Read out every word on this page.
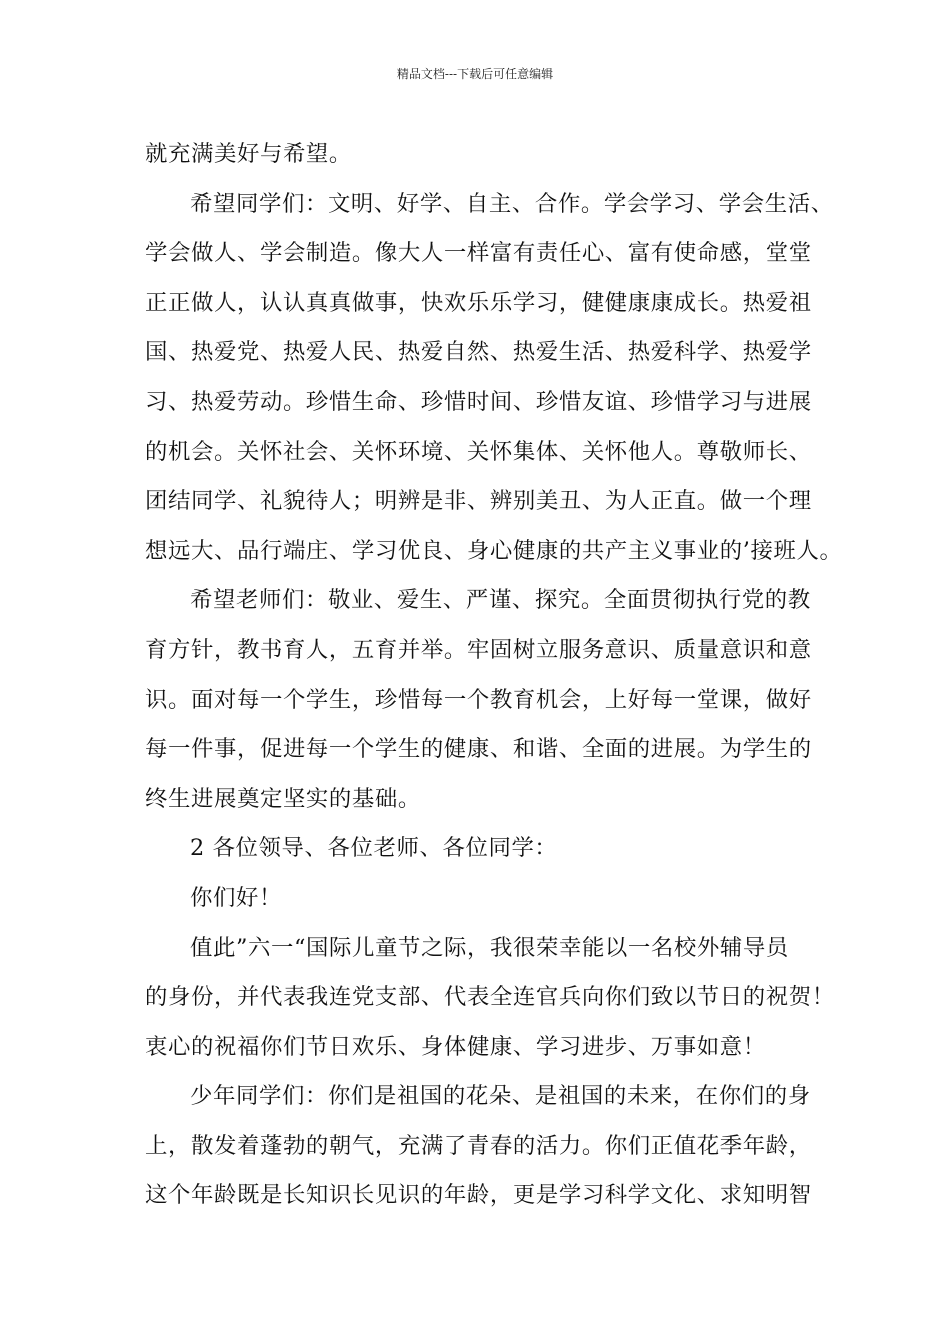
精品文档---下载后可任意编辑
就充满美好与希望。
希望同学们：文明、好学、自主、合作。学会学习、学会生活、
学会做人、学会制造。像大人一样富有责任心、富有使命感，堂堂
正正做人，认认真真做事，快欢乐乐学习，健健康康成长。热爱祖
国、热爱党、热爱人民、热爱自然、热爱生活、热爱科学、热爱学
习、热爱劳动。珍惜生命、珍惜时间、珍惜友谊、珍惜学习与进展
的机会。关怀社会、关怀环境、关怀集体、关怀他人。尊敬师长、
团结同学、礼貌待人；明辨是非、辨别美丑、为人正直。做一个理
想远大、品行端庄、学习优良、身心健康的共产主义事业的’接班人。
希望老师们：敬业、爱生、严谨、探究。全面贯彻执行党的教
育方针，教书育人，五育并举。牢固树立服务意识、质量意识和意
识。面对每一个学生，珍惜每一个教育机会，上好每一堂课，做好
每一件事，促进每一个学生的健康、和谐、全面的进展。为学生的
终生进展奠定坚实的基础。
2 各位领导、各位老师、各位同学：
你们好！
值此”六一“国际儿童节之际，我很荣幸能以一名校外辅导员
的身份，并代表我连党支部、代表全连官兵向你们致以节日的祝贺！
衷心的祝福你们节日欢乐、身体健康、学习进步、万事如意！
少年同学们：你们是祖国的花朵、是祖国的未来，在你们的身
上，散发着蓬勃的朝气，充满了青春的活力。你们正值花季年龄，
这个年龄既是长知识长见识的年龄，更是学习科学文化、求知明智
